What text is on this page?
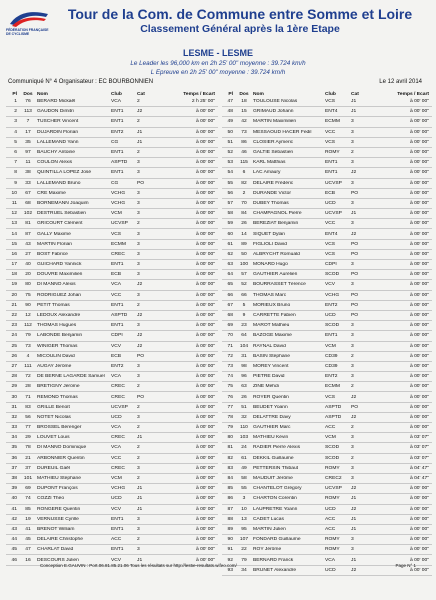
FÉDÉRATION FRANÇAISE DE CYCLISME
Tour de la Com. de Commune entre Somme et Loire
Classement Général après la 1ère Etape
LESME - LESME
Le Leader les 96,000 km en 2h 25' 00" moyenne : 39.724 km/h
L Epreuve en 2h 25' 00" moyenne : 39.724 km/h
Communiqué N° 4 Organisateur : EC BOURBONNIEN	Le 12 avril 2014
Pl	Dos Nom	Club	Cat	Temps / Ecart
1	76	BERARD Mickaël	VCA	2	2 h 25' 00"
2	113	GAUDON Dimitri	ENT1	J2	à 00' 00"
3	7	TUSCHER Vincent	ENT1	2	à 00' 00"
4	17	DUJARDIN Florian	ENT2	J1	à 00' 00"
5	35	LALLEMAND Yann	CG	J1	à 00' 00"
6	97	BAUCHY Antoine	ENT1	2	à 00' 00"
7	11	COULON Alexis	ASPTD	3	à 00' 00"
8	38	QUINTILLA LOPEZ José	ENT1	3	à 00' 00"
9	33	LALLEMAND Bruno	CG	PO	à 00' 00"
10	67	CRE Maxime	VCHG	3	à 00' 00"
11	68	BORNEMANN Joaquim	VCHG	3	à 00' 00"
12	102	DESTRUEL Sébastien	VCM	3	à 00' 00"
13	81	GRICOURT Clément	UCVSP	2	à 00' 00"
14	87	GALLY Maxime	VCS	3	à 00' 00"
15	43	MARTIN Florian	ECMM	3	à 00' 00"
16	27	BOST Fabrice	CREC	3	à 00' 00"
17	40	GUICHARD Yannick	ENT1	3	à 00' 00"
18	20	DOUVRE Maximilien	ECB	3	à 00' 00"
19	80	DI MANNO Alexis	VCA	J2	à 00' 00"
20	75	RODRIGUEZ Johan	VCC	3	à 00' 00"
21	90	PETIT Thomas	ENT1	2	à 00' 00"
22	12	LEDOUX Alexandre	ASPTD	J2	à 00' 00"
23	112	THOMAS Hugues	ENT1	3	à 00' 00"
24	79	LABONDE Benjamin	CDPI	J2	à 00' 00"
25	73	WINIGER Thomas	VCV	J2	à 00' 00"
26	4	MICOULIN David	ECB	PO	à 00' 00"
27	111	AUGAY Jérôme	ENT2	3	à 00' 00"
28	72	DE BERNE LAGARDE Samuel	VCA	3	à 00' 00"
29	28	BRETIGNY Jérôme	CREC	2	à 00' 00"
30	71	REMOND Thomas	CREC	PO	à 00' 00"
31	83	GRILLE Benoît	UCVSP	2	à 00' 00"
32	56	NOTET Nicolas	UCD	3	à 00' 00"
33	77	BROSSEL Bérenger	VCA	2	à 00' 00"
34	29	LOUVET Louis	CREC	J1	à 00' 00"
35	78	DI MANNO Dominique	VCA	2	à 00' 00"
36	21	ARBONNIER Quentin	VCC	2	à 00' 00"
37	37	DUREUIL Gaël	CREC	3	à 00' 00"
38	101	MATHIEU Stéphane	VCM	2	à 00' 00"
39	69	DUPONT François	VCHG	J1	à 00' 00"
40	74	COZZI Théo	UCD	J1	à 00' 00"
41	85	RONGERE Quentin	VCV	J1	à 00' 00"
42	19	VERNUSSE Cyrille	ENT1	3	à 00' 00"
43	41	BRENOT William	ENT1	3	à 00' 00"
44	45	DELAIRE Christophe	ACC	2	à 00' 00"
45	47	CHARLAT David	ENT1	3	à 00' 00"
46	16	DESCOURS Julien	VCV	J1	à 00' 00"
Pl	Dos Nom	Club	Cat	Temps / Ecart
47	18	TOULOUSE Nicolas	VCS	J1	à 00' 00"
48	15	GRIMAUD Johann	ENT4	J1	à 00' 00"
49	42	MARTIN Maximilien	ECMM	3	à 00' 00"
50	73	MESSAOUD HACER Fedil	VCC	3	à 00' 00"
51	86	CLOSIER Aymeric	VCS	3	à 00' 00"
52	46	GALTIE Sébastien	ROMY	2	à 00' 00"
53	115	KARL Matthias	ENT1	3	à 00' 00"
54	6	LAC Amaury	ENT1	J2	à 00' 00"
55	82	DELAIRE Frédéric	UCVSP	3	à 00' 00"
56	2	DURANDE Victor	ECB	PO	à 00' 00"
57	70	DUBEY Thomas	UCD	3	à 00' 00"
58	84	CHAMPAGNOL Pierre	UCVSP	J1	à 00' 00"
59	26	BEREZIAT Benjamin	VCC	3	à 00' 00"
60	14	SIQUET Dylan	ENT4	J2	à 00' 00"
61	89	FIGLIOLI David	VCS	PO	à 00' 00"
62	50	ALBRYCHT Romuald	VCS	PO	à 00' 00"
63	100	MONARD Hugo	CDPI	3	à 00' 00"
64	57	GAUTHIER Aurélien	SCOD	PO	à 00' 00"
65	52	BOURRASSET Térence	VCV	3	à 00' 00"
66	66	THOMAS Marc	VCHG	PO	à 00' 00"
67	5	MORIEUX Bruno	ENT2	PO	à 00' 00"
68	9	CARRETTE Fabien	UCD	PO	à 00' 00"
69	23	MAROT Mathieu	SCOD	3	à 00' 00"
70	64	BAZOGE Maxime	ENT1	3	à 00' 00"
71	104	RAYNAL David	VCM	3	à 00' 00"
72	31	BASIN Stéphane	CD39	2	à 00' 00"
73	98	MOREY Vincent	CD39	3	à 00' 00"
74	96	PIETRE David	ENT2	3	à 00' 00"
75	63	ZINE Mehdi	ECMM	2	à 00' 00"
76	26	ROYER Quentin	VCS	J2	à 00' 00"
77	51	BEUDET Yoann	ASPTD	PO	à 00' 00"
78	32	DELATTRE Davy	ASPTD	J2	à 00' 00"
79	110	GAUTHIER Marc	ACC	2	à 00' 00"
80	103	MATHIEU Kévin	VCM	3	à 03' 07"
81	24	RADIER Pierre Alexis	SCOD	3	à 03' 07"
82	61	DEKKIL Guillaume	SCOD	2	à 03' 07"
83	49	PETTERSIN Thibaut	ROMY	3	à 04' 47"
84	58	MAUDUIT Jérôme	CREC2	3	à 04' 47"
85	55	CHANTELOT Grégory	UCVSP	J2	à 00' 00"
86	3	CHARTON Corentin	ROMY	J1	à 00' 00"
87	10	LAUPRETRE Yoann	UCD	J2	à 00' 00"
88	13	CADET Lucas	ACC	J1	à 00' 00"
89	95	MARTIN Julien	ACC	J1	à 00' 00"
90	107	FONDARD Guillaume	ROMY	3	à 00' 00"
91	22	ROY Jérôme	ROMY	3	à 00' 00"
92	79	BERNARD Franck	VCA	J1	à 00' 00"
93	34	BRUNET Alexandre	UCD	J2	à 00' 00"
Conception E.GAUVIN : Port.06.81.85.21.06 Tous les résultats sur http://les5e-resultats.wifeo.com/	Page N° 1
